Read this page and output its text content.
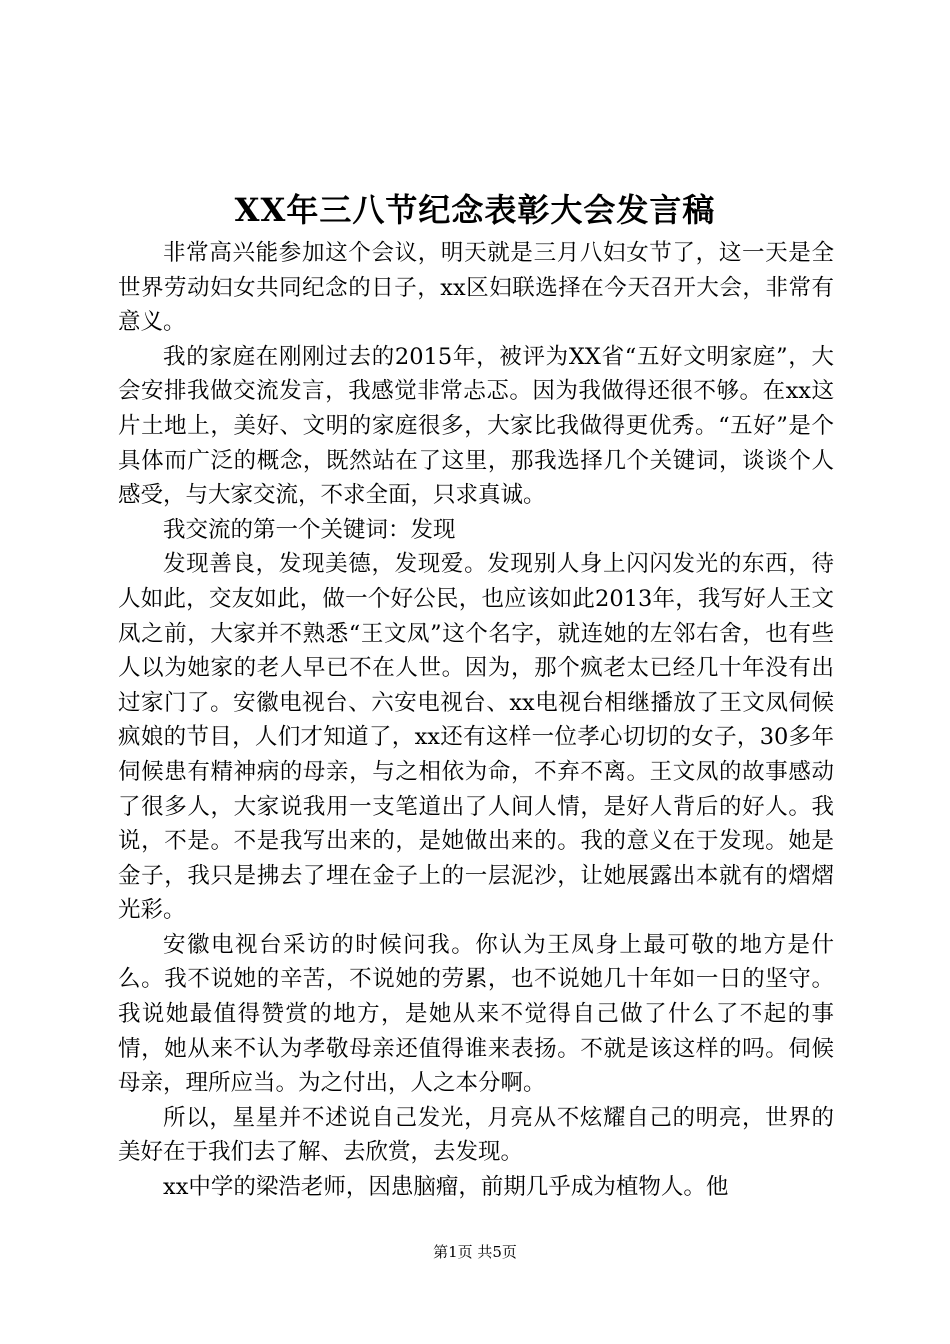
XX年三八节纪念表彰大会发言稿

非常高兴能参加这个会议，明天就是三月八妇女节了，这一天是全世界劳动妇女共同纪念的日子，xx区妇联选择在今天召开大会，非常有意义。

我的家庭在刚刚过去的2015年，被评为XX省“五好文明家庭”，大会安排我做交流发言，我感觉非常忐忑。因为我做得还很不够。在xx这片土地上，美好、文明的家庭很多，大家比我做得更优秀。“五好”是个具体而广泛的概念，既然站在了这里，那我选择几个关键词，谈谈个人感受，与大家交流，不求全面，只求真诚。

我交流的第一个关键词：发现

发现善良，发现美德，发现爱。发现别人身上闪闪发光的东西，待人如此，交友如此，做一个好公民，也应该如此2013年，我写好人王文凤之前，大家并不熟悉“王文凤”这个名字，就连她的左邻右舍，也有些人以为她家的老人早已不在人世。因为，那个疯老太已经几十年没有出过家门了。安徽电视台、六安电视台、xx电视台相继播放了王文凤伺候疯娘的节目，人们才知道了，xx还有这样一位孝心切切的女子，30多年伺候患有精神病的母亲，与之相依为命，不弃不离。王文凤的故事感动了很多人，大家说我用一支笔道出了人间人情，是好人背后的好人。我说，不是。不是我写出来的，是她做出来的。我的意义在于发现。她是金子，我只是拂去了埋在金子上的一层泥沙，让她展露出本就有的熠熠光彩。

安徽电视台采访的时候问我。你认为王凤身上最可敬的地方是什么。我不说她的辛苦，不说她的劳累，也不说她几十年如一日的坚守。我说她最值得赞赏的地方，是她从来不觉得自己做了什么了不起的事情，她从来不认为孝敬母亲还值得谁来表扬。不就是该这样的吗。伺候母亲，理所应当。为之付出，人之本分啊。

所以，星星并不述说自己发光，月亮从不炫耀自己的明亮，世界的美好在于我们去了解、去欣赏，去发现。

xx中学的梁浩老师，因患脑瘤，前期几乎成为植物人。他

第1页 共5页
